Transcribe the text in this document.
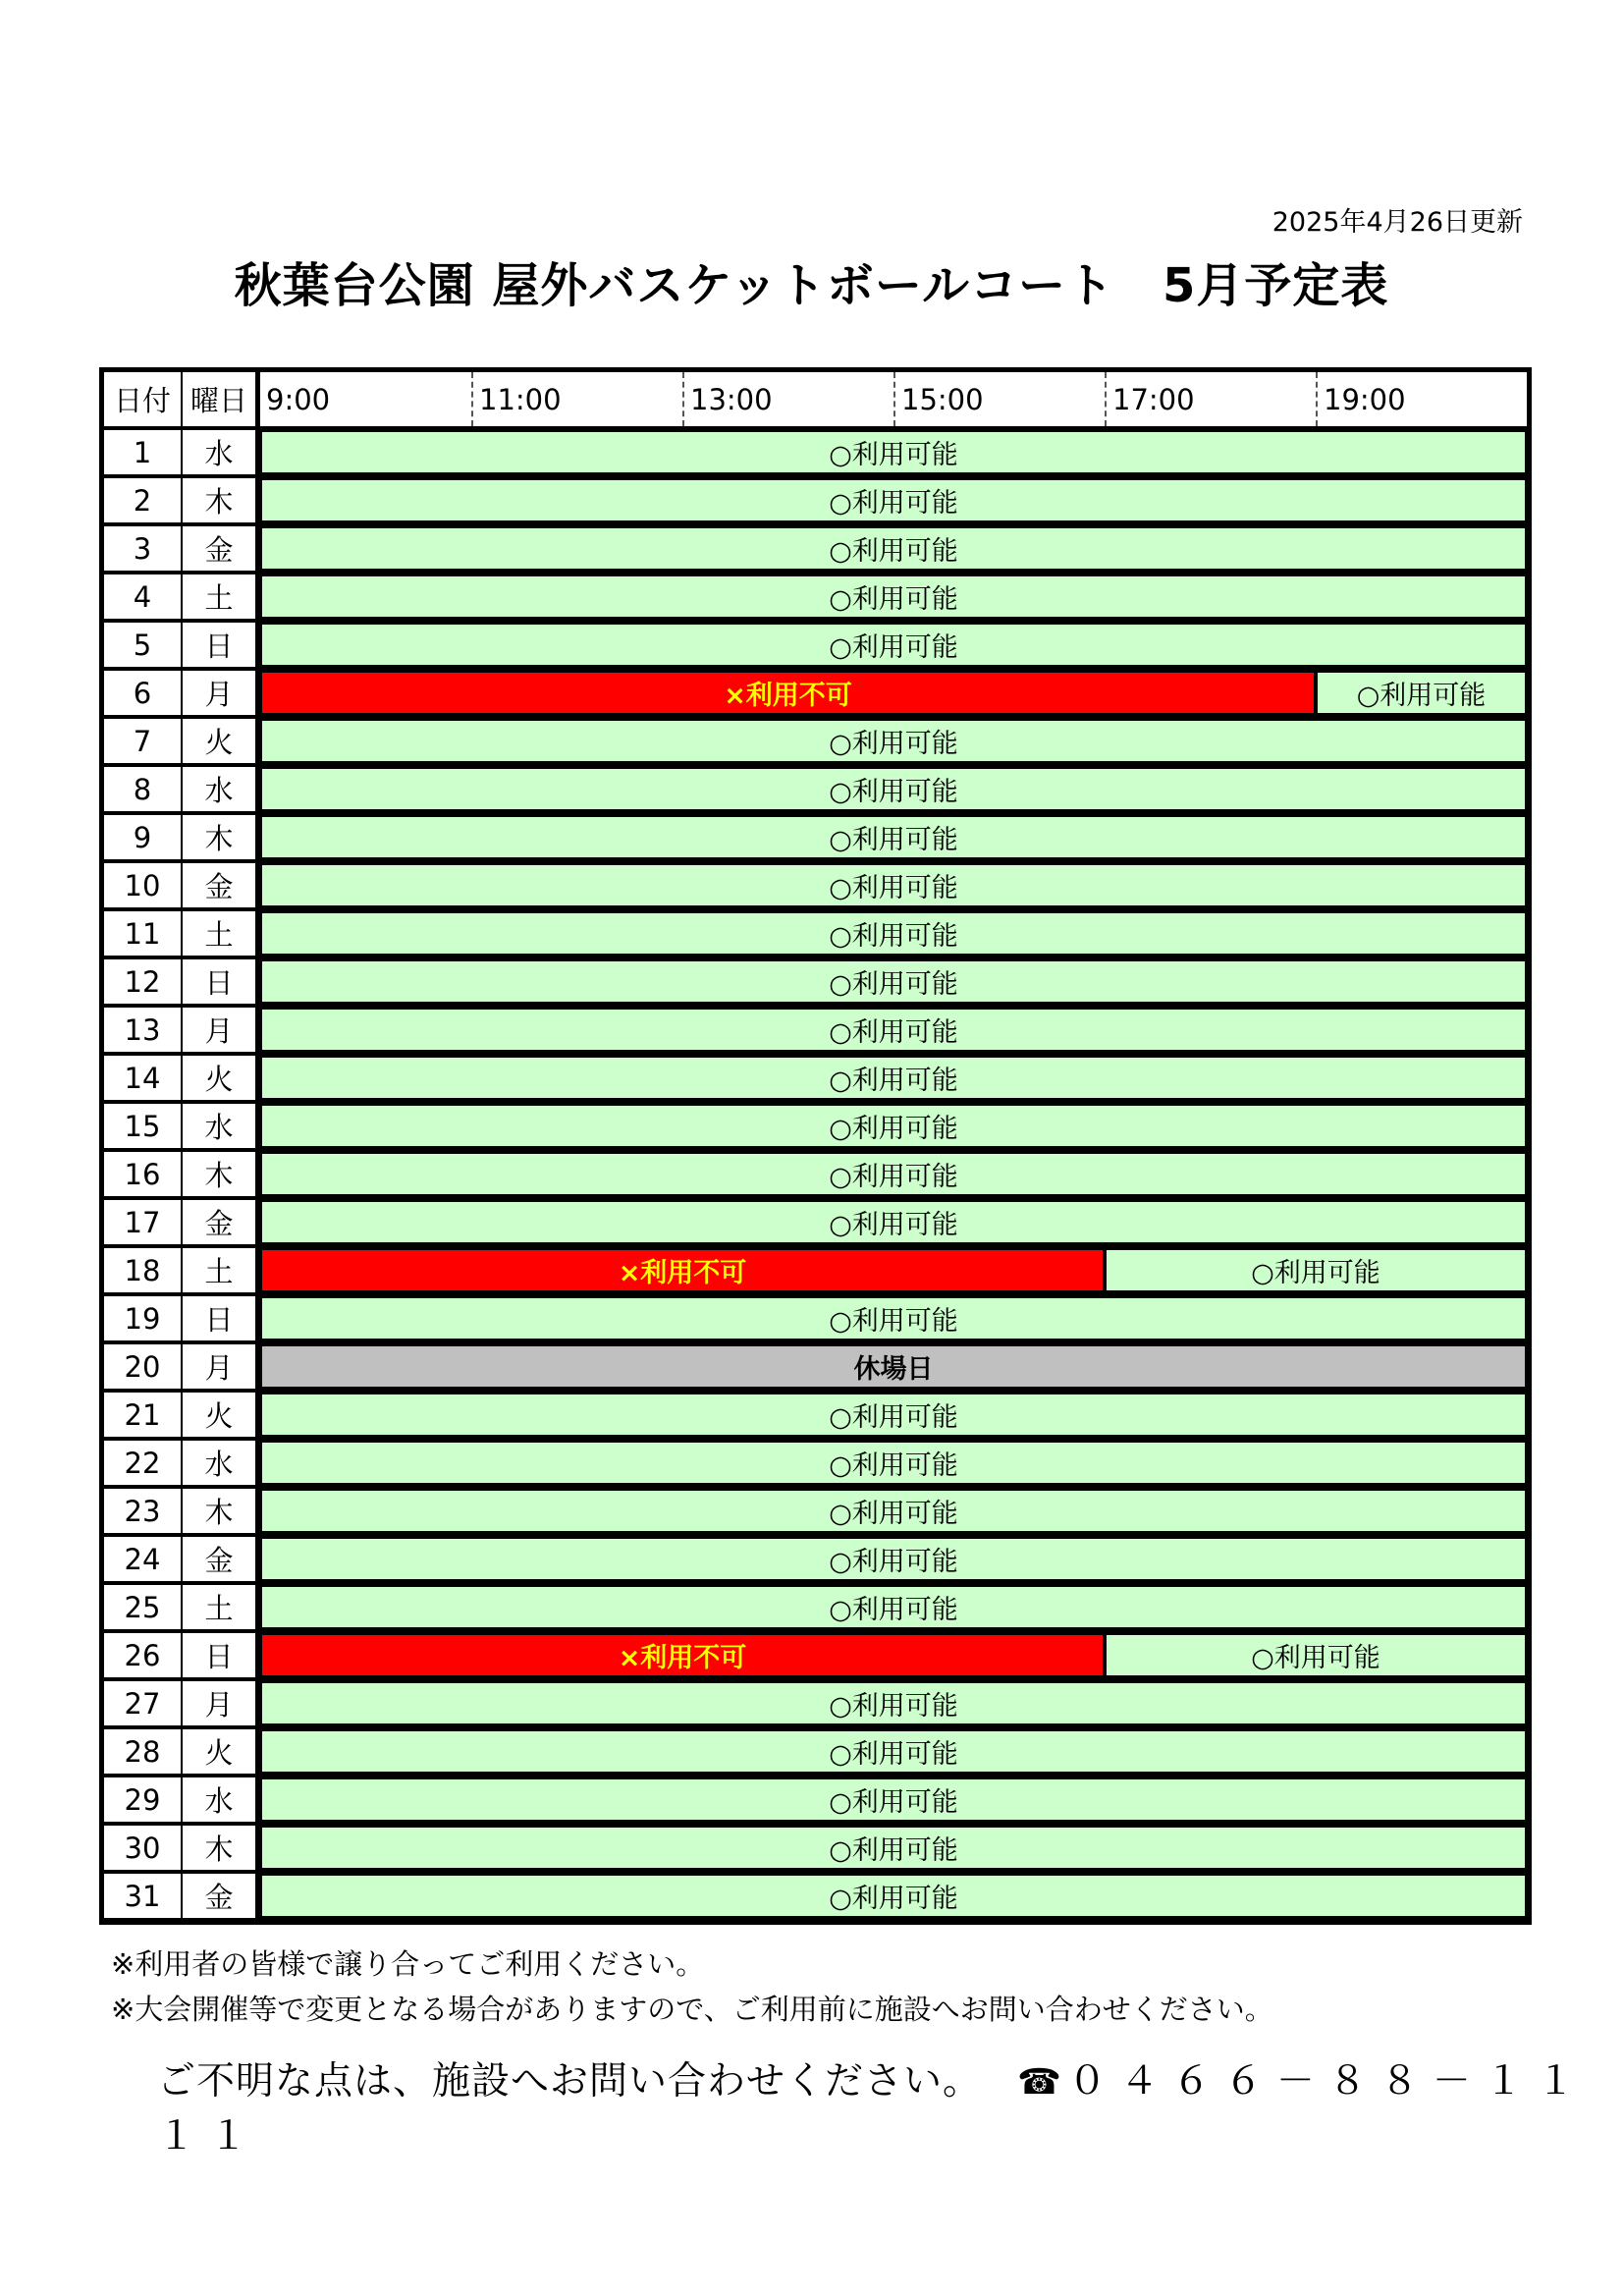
2025年4月26日更新
秋葉台公園 屋外バスケットボールコート　5月予定表
日付 曜日 9:00	11:00	13:00	15:00	17:00	19:00
1	水	○利用可能
2	木	○利用可能
3	金	○利用可能
4	土	○利用可能
5	日	○利用可能
6	月	×利用不可	○利用可能
7	火	○利用可能
8	水	○利用可能
9	木	○利用可能
10	金	○利用可能
11	土	○利用可能
12	日	○利用可能
13	月	○利用可能
14	火	○利用可能
15	水	○利用可能
16	木	○利用可能
17	金	○利用可能
18	土	×利用不可	○利用可能
19	日	○利用可能
20	月	休場日
21	火	○利用可能
22	水	○利用可能
23	木	○利用可能
24	金	○利用可能
25	土	○利用可能
26	日	×利用不可	○利用可能
27	月	○利用可能
28	火	○利用可能
29	水	○利用可能
30	木	○利用可能
31	金	○利用可能
※利用者の皆様で譲り合ってご利用ください。
※大会開催等で変更となる場合がありますので、ご利用前に施設へお問い合わせください。
ご不明な点は、施設へお問い合わせください。 ☎ ０４６６－８８－１１１１
